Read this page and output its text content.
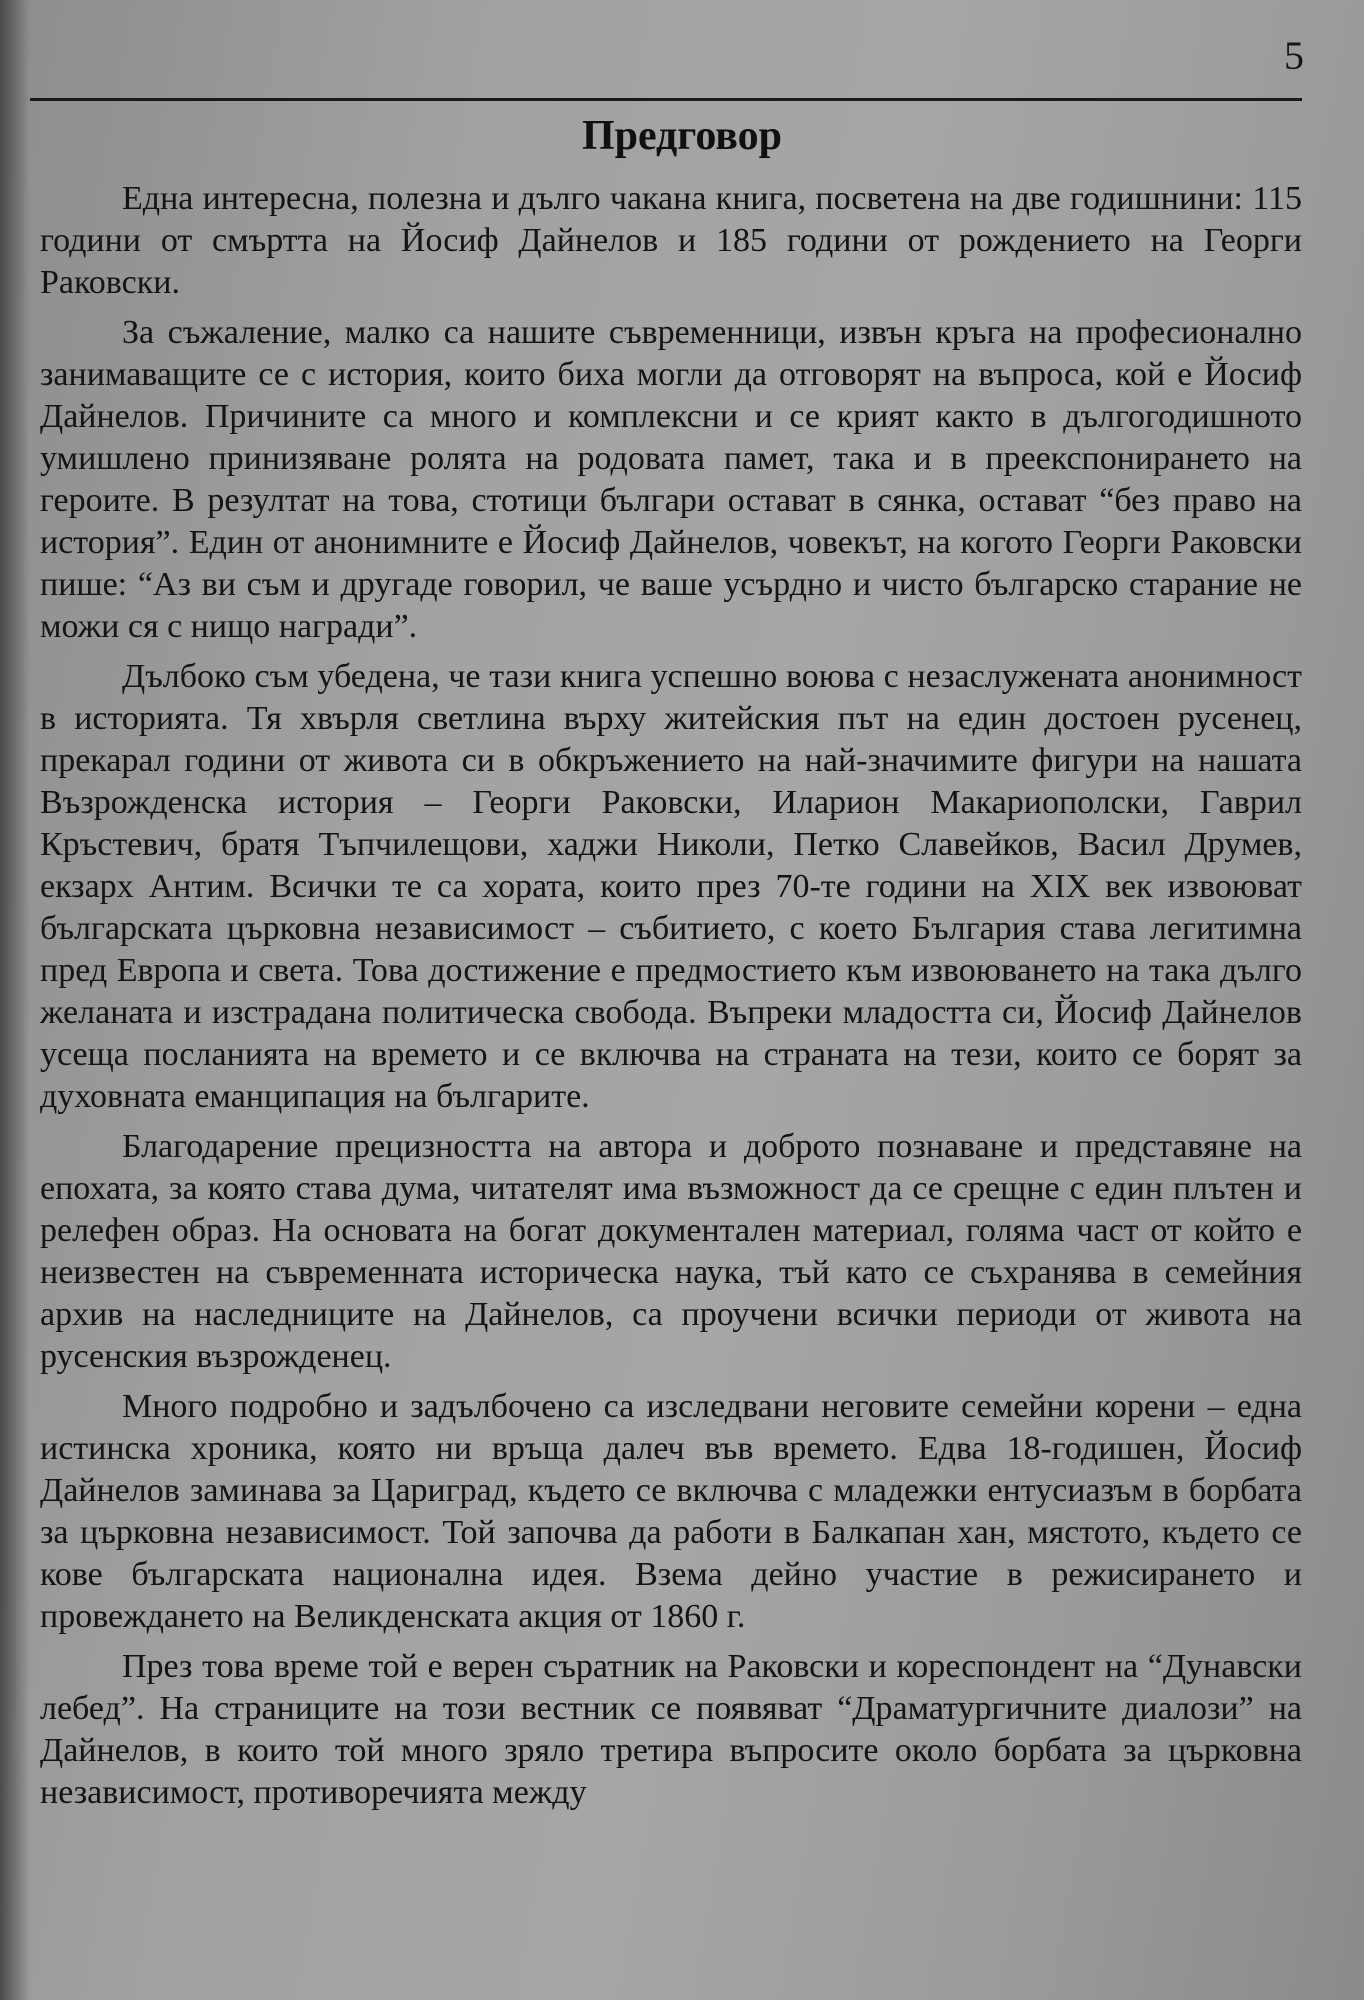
5
Предговор

Една интересна, полезна и дълго чакана книга, посветена на две годишнини: 115 години от смъртта на Йосиф Дайнелов и 185 години от рождението на Георги Раковски.

За съжаление, малко са нашите съвременници, извън кръга на професионално занимаващите се с история, които биха могли да отговорят на въпроса, кой е Йосиф Дайнелов. Причините са много и комплексни и се крият както в дългогодишното умишлено принизяване ролята на родовата памет, така и в преекспонирането на героите. В резултат на това, стотици българи остават в сянка, остават “без право на история”. Един от анонимните е Йосиф Дайнелов, човекът, на когото Георги Раковски пише: “Аз ви съм и другаде говорил, че ваше усърдно и чисто българско старание не можи ся с нищо награди”.

Дълбоко съм убедена, че тази книга успешно воюва с незаслужената анонимност в историята. Тя хвърля светлина върху житейския път на един достоен русенец, прекарал години от живота си в обкръжението на най-значимите фигури на нашата Възрожденска история – Георги Раковски, Иларион Макариополски, Гаврил Кръстевич, братя Тъпчилещови, хаджи Николи, Петко Славейков, Васил Друмев, екзарх Антим. Всички те са хората, които през 70-те години на XIX век извоюват българската църковна независимост – събитието, с което България става легитимна пред Европа и света. Това достижение е предмостието към извоюването на така дълго желаната и изстрадана политическа свобода. Въпреки младостта си, Йосиф Дайнелов усеща посланията на времето и се включва на страната на тези, които се борят за духовната еманципация на българите.

Благодарение прецизността на автора и доброто познаване и представяне на епохата, за която става дума, читателят има възможност да се срещне с един плътен и релефен образ. На основата на богат документален материал, голяма част от който е неизвестен на съвременната историческа наука, тъй като се съхранява в семейния архив на наследниците на Дайнелов, са проучени всички периоди от живота на русенския възрожденец.

Много подробно и задълбочено са изследвани неговите семейни корени – една истинска хроника, която ни връща далеч във времето. Едва 18-годишен, Йосиф Дайнелов заминава за Цариград, където се включва с младежки ентусиазъм в борбата за църковна независимост. Той започва да работи в Балкапан хан, мястото, където се кове българската национална идея. Взема дейно участие в режисирането и провеждането на Великденската акция от 1860 г.

През това време той е верен съратник на Раковски и кореспондент на “Дунавски лебед”. На страниците на този вестник се появяват “Драматургичните диалози” на Дайнелов, в които той много зряло третира въпросите около борбата за църковна независимост, противоречията между
